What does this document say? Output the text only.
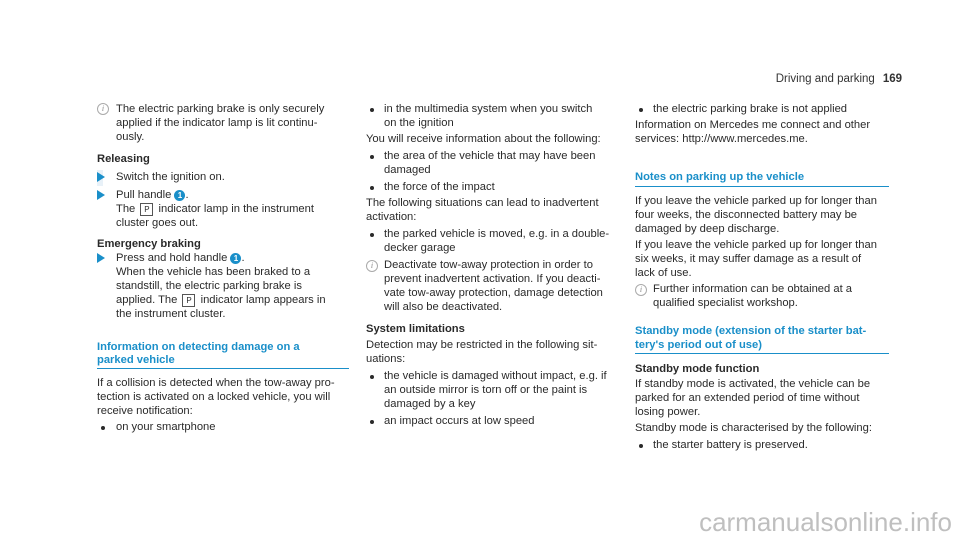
Driving and parking 169
i	The electric parking brake is only securely
applied if the indicator lamp is lit continu-
ously.
Releasing
Switch the ignition on.
Pull handle 1 .
The P indicator lamp in the instrument
cluster goes out.
Emergency braking
Press and hold handle 1 .
When the vehicle has been braked to a
standstill, the electric parking brake is
applied. The P indicator lamp appears in
the instrument cluster.
Information on detecting damage on a
parked vehicle
If a collision is detected when the tow-away pro-
tection is activated on a locked vehicle, you will
receive notification:
on your smartphone
in the multimedia system when you switch
on the ignition
You will receive information about the following:
the area of the vehicle that may have been
damaged
the force of the impact
The following situations can lead to inadvertent
activation:
the parked vehicle is moved, e.g. in a double-
decker garage
i Deactivate tow-away protection in order to
prevent inadvertent activation. If you deacti-
vate tow-away protection, damage detection
will also be deactivated.
System limitations
Detection may be restricted in the following sit-
uations:
the vehicle is damaged without impact, e.g. if
an outside mirror is torn off or the paint is
damaged by a key
an impact occurs at low speed
the electric parking brake is not applied
Information on Mercedes me connect and other
services: http://www.mercedes.me.
Notes on parking up the vehicle
If you leave the vehicle parked up for longer than
four weeks, the disconnected battery may be
damaged by deep discharge.
If you leave the vehicle parked up for longer than
six weeks, it may suffer damage as a result of
lack of use.
i Further information can be obtained at a
qualified specialist workshop.
Standby mode (extension of the starter bat-
tery's period out of use)
Standby mode function
If standby mode is activated, the vehicle can be
parked for an extended period of time without
losing power.
Standby mode is characterised by the following:
the starter battery is preserved.
carmanualsonline.info
